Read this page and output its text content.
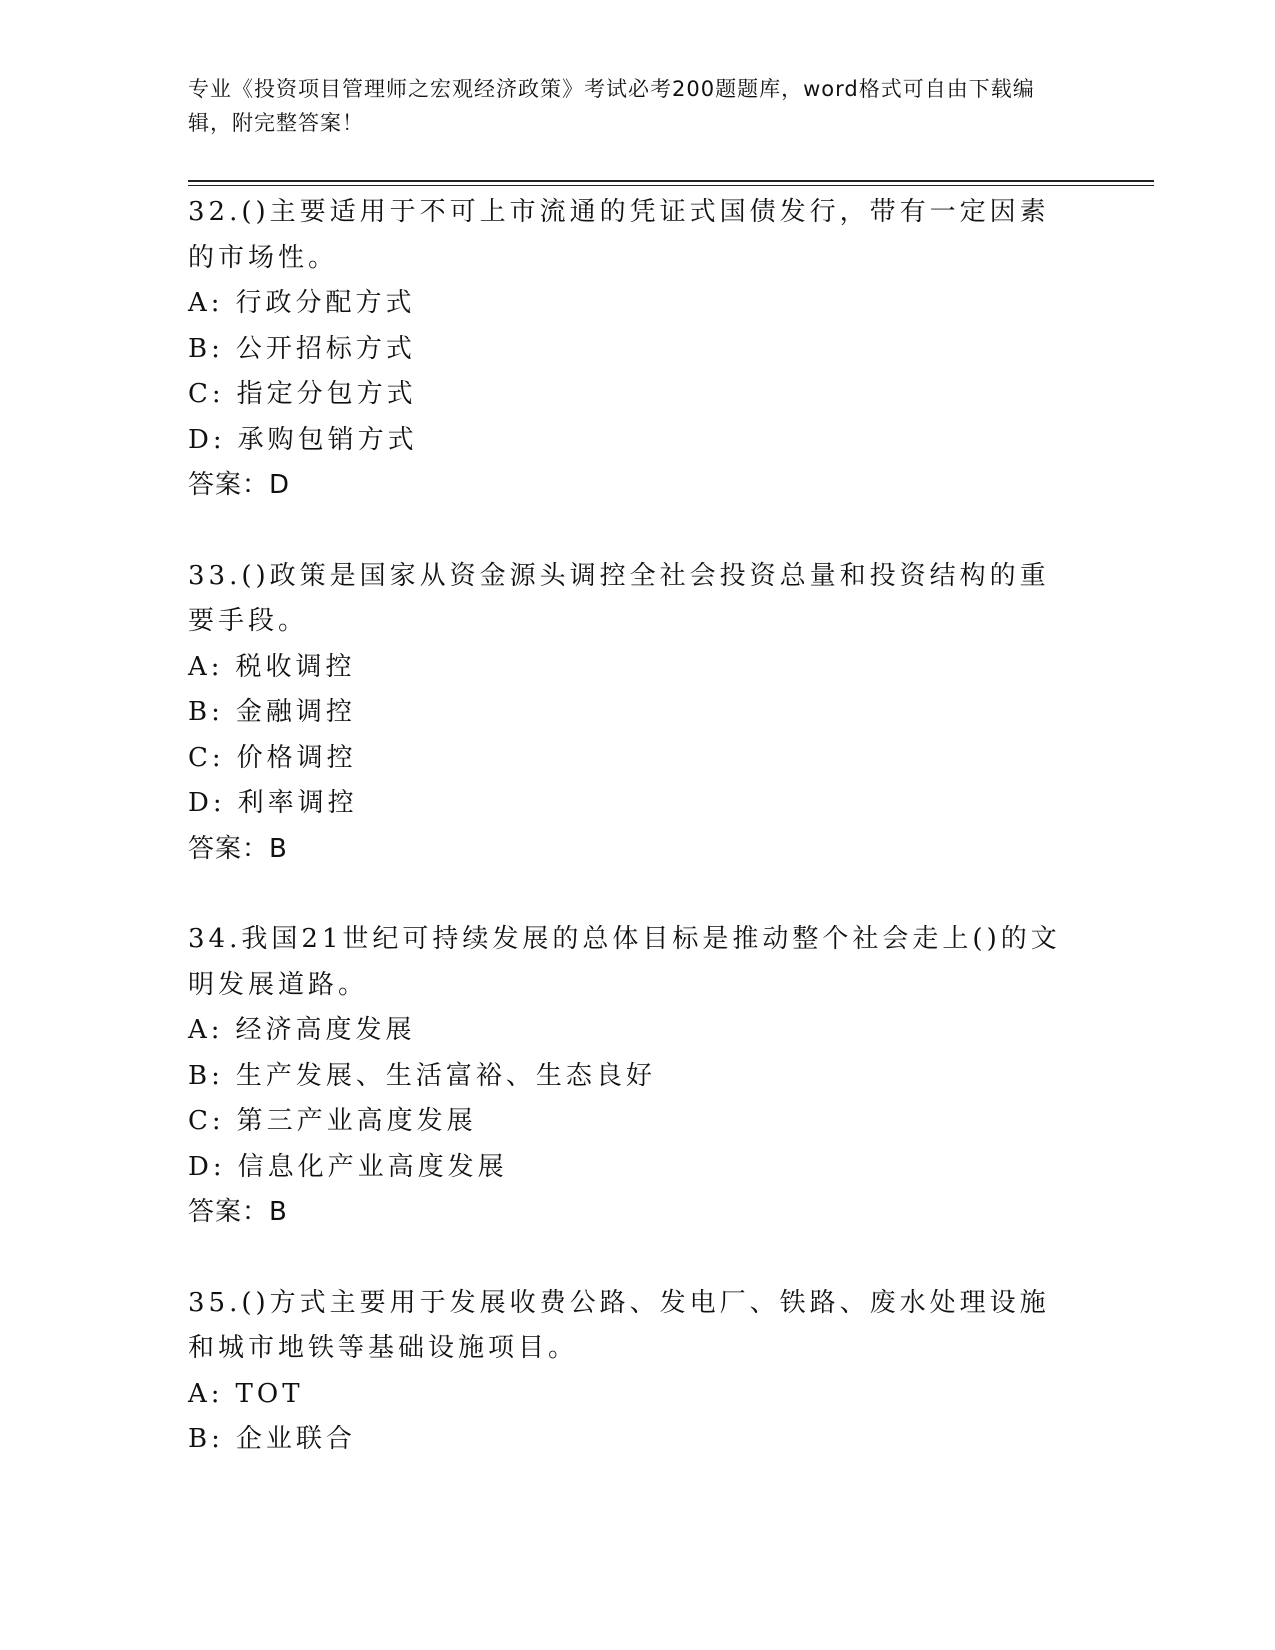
专业《投资项目管理师之宏观经济政策》考试必考200题题库，word格式可自由下载编辑，附完整答案！
32.()主要适用于不可上市流通的凭证式国债发行，带有一定因素的市场性。
A: 行政分配方式
B: 公开招标方式
C: 指定分包方式
D: 承购包销方式
答案：D
33.()政策是国家从资金源头调控全社会投资总量和投资结构的重要手段。
A: 税收调控
B: 金融调控
C: 价格调控
D: 利率调控
答案：B
34.我国21世纪可持续发展的总体目标是推动整个社会走上()的文明发展道路。
A: 经济高度发展
B: 生产发展、生活富裕、生态良好
C: 第三产业高度发展
D: 信息化产业高度发展
答案：B
35.()方式主要用于发展收费公路、发电厂、铁路、废水处理设施和城市地铁等基础设施项目。
A: TOT
B: 企业联合
